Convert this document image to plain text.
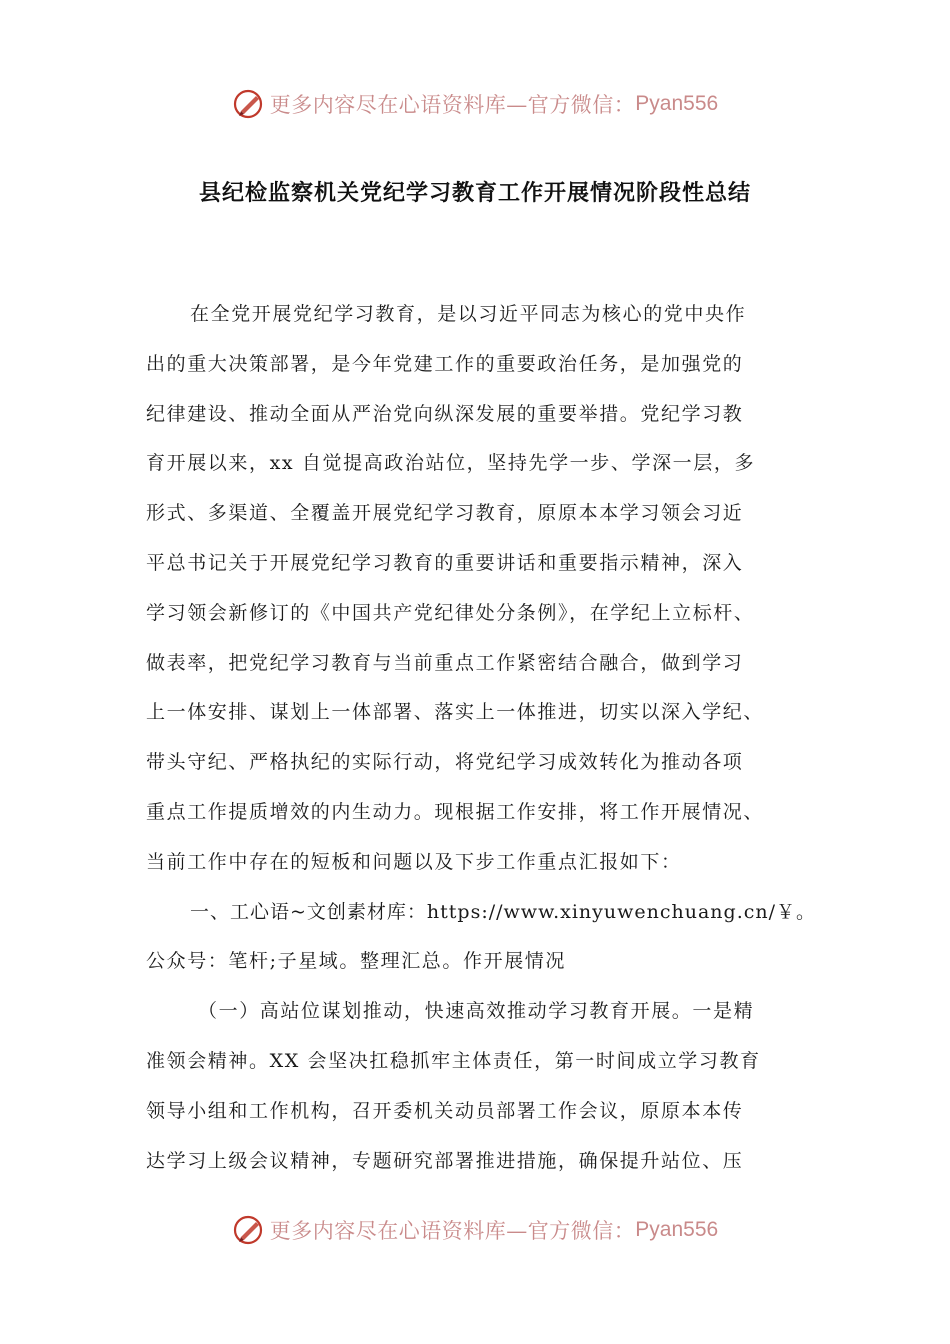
更多内容尽在心语资料库—官方微信： Pyan556
县纪检监察机关党纪学习教育工作开展情况阶段性总结
在全党开展党纪学习教育，是以习近平同志为核心的党中央作
出的重大决策部署，是今年党建工作的重要政治任务，是加强党的
纪律建设、推动全面从严治党向纵深发展的重要举措。党纪学习教
育开展以来，xx 自觉提高政治站位，坚持先学一步、学深一层，多
形式、多渠道、全覆盖开展党纪学习教育，原原本本学习领会习近
平总书记关于开展党纪学习教育的重要讲话和重要指示精神，深入
学习领会新修订的《中国共产党纪律处分条例》，在学纪上立标杆、
做表率，把党纪学习教育与当前重点工作紧密结合融合，做到学习
上一体安排、谋划上一体部署、落实上一体推进，切实以深入学纪、
带头守纪、严格执纪的实际行动，将党纪学习成效转化为推动各项
重点工作提质增效的内生动力。现根据工作安排，将工作开展情况、
当前工作中存在的短板和问题以及下步工作重点汇报如下：
一、工心语~文创素材库：https://www.xinyuwenchuang.cn/￥。
公众号：笔杆;子星域。整理汇总。作开展情况
（一）高站位谋划推动，快速高效推动学习教育开展。一是精
准领会精神。XX 会坚决扛稳抓牢主体责任，第一时间成立学习教育
领导小组和工作机构，召开委机关动员部署工作会议，原原本本传
达学习上级会议精神，专题研究部署推进措施，确保提升站位、压
更多内容尽在心语资料库—官方微信： Pyan556
